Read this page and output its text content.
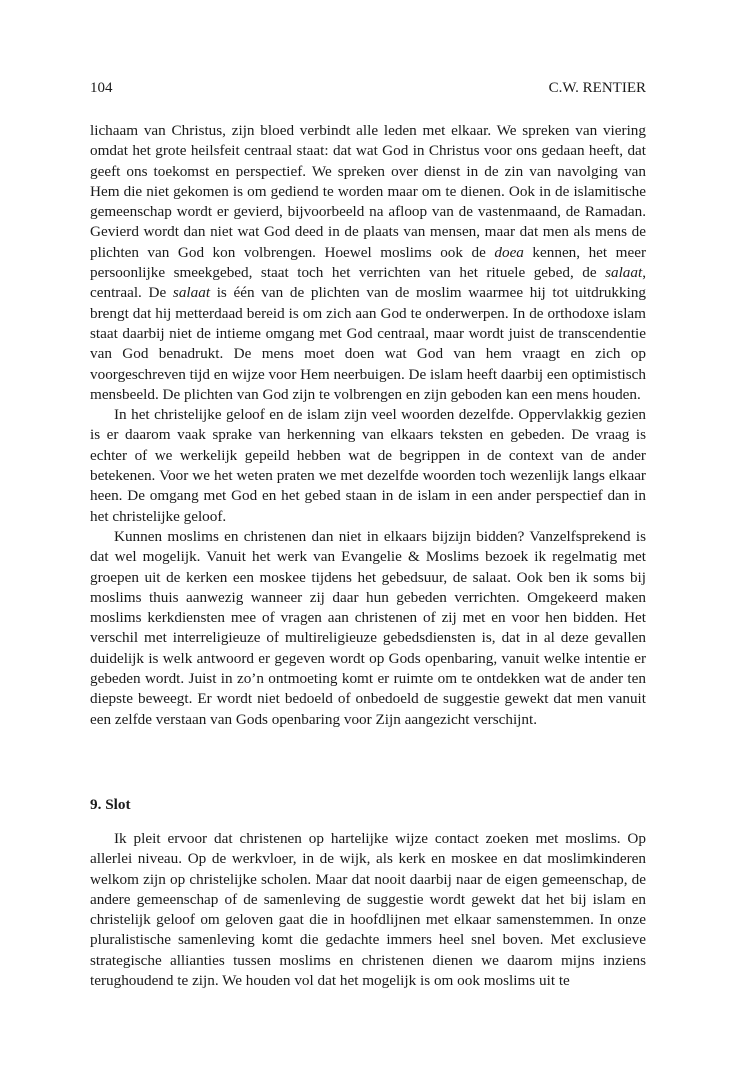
104	C.W. RENTIER

lichaam van Christus, zijn bloed verbindt alle leden met elkaar. We spreken van viering omdat het grote heilsfeit centraal staat: dat wat God in Christus voor ons gedaan heeft, dat geeft ons toekomst en perspectief. We spreken over dienst in de zin van navolging van Hem die niet gekomen is om gediend te worden maar om te dienen. Ook in de islamitische gemeenschap wordt er gevierd, bijvoorbeeld na afloop van de vastenmaand, de Ramadan. Gevierd wordt dan niet wat God deed in de plaats van mensen, maar dat men als mens de plichten van God kon volbrengen. Hoewel moslims ook de doea kennen, het meer persoonlijke smeekgebed, staat toch het verrichten van het rituele gebed, de salaat, centraal. De salaat is één van de plichten van de moslim waarmee hij tot uitdrukking brengt dat hij metterdaad bereid is om zich aan God te onderwerpen. In de orthodoxe islam staat daarbij niet de intieme omgang met God centraal, maar wordt juist de transcendentie van God benadrukt. De mens moet doen wat God van hem vraagt en zich op voorgeschreven tijd en wijze voor Hem neerbuigen. De islam heeft daarbij een optimistisch mensbeeld. De plichten van God zijn te volbrengen en zijn geboden kan een mens houden.

In het christelijke geloof en de islam zijn veel woorden dezelfde. Oppervlakkig gezien is er daarom vaak sprake van herkenning van elkaars teksten en gebeden. De vraag is echter of we werkelijk gepeild hebben wat de begrippen in de context van de ander betekenen. Voor we het weten praten we met dezelfde woorden toch wezenlijk langs elkaar heen. De omgang met God en het gebed staan in de islam in een ander perspectief dan in het christelijke geloof.

Kunnen moslims en christenen dan niet in elkaars bijzijn bidden? Vanzelfsprekend is dat wel mogelijk. Vanuit het werk van Evangelie & Moslims bezoek ik regelmatig met groepen uit de kerken een moskee tijdens het gebedsuur, de salaat. Ook ben ik soms bij moslims thuis aanwezig wanneer zij daar hun gebeden verrichten. Omgekeerd maken moslims kerkdiensten mee of vragen aan christenen of zij met en voor hen bidden. Het verschil met interreligieuze of multireligieuze gebedsdiensten is, dat in al deze gevallen duidelijk is welk antwoord er gegeven wordt op Gods openbaring, vanuit welke intentie er gebeden wordt. Juist in zo’n ontmoeting komt er ruimte om te ontdekken wat de ander ten diepste beweegt. Er wordt niet bedoeld of onbedoeld de suggestie gewekt dat men vanuit een zelfde verstaan van Gods openbaring voor Zijn aangezicht verschijnt.

9. Slot

Ik pleit ervoor dat christenen op hartelijke wijze contact zoeken met moslims. Op allerlei niveau. Op de werkvloer, in de wijk, als kerk en moskee en dat moslimkinderen welkom zijn op christelijke scholen. Maar dat nooit daarbij naar de eigen gemeenschap, de andere gemeenschap of de samenleving de suggestie wordt gewekt dat het bij islam en christelijk geloof om geloven gaat die in hoofdlijnen met elkaar samenstemmen. In onze pluralistische samenleving komt die gedachte immers heel snel boven. Met exclusieve strategische allianties tussen moslims en christenen dienen we daarom mijns inziens terughoudend te zijn. We houden vol dat het mogelijk is om ook moslims uit te
